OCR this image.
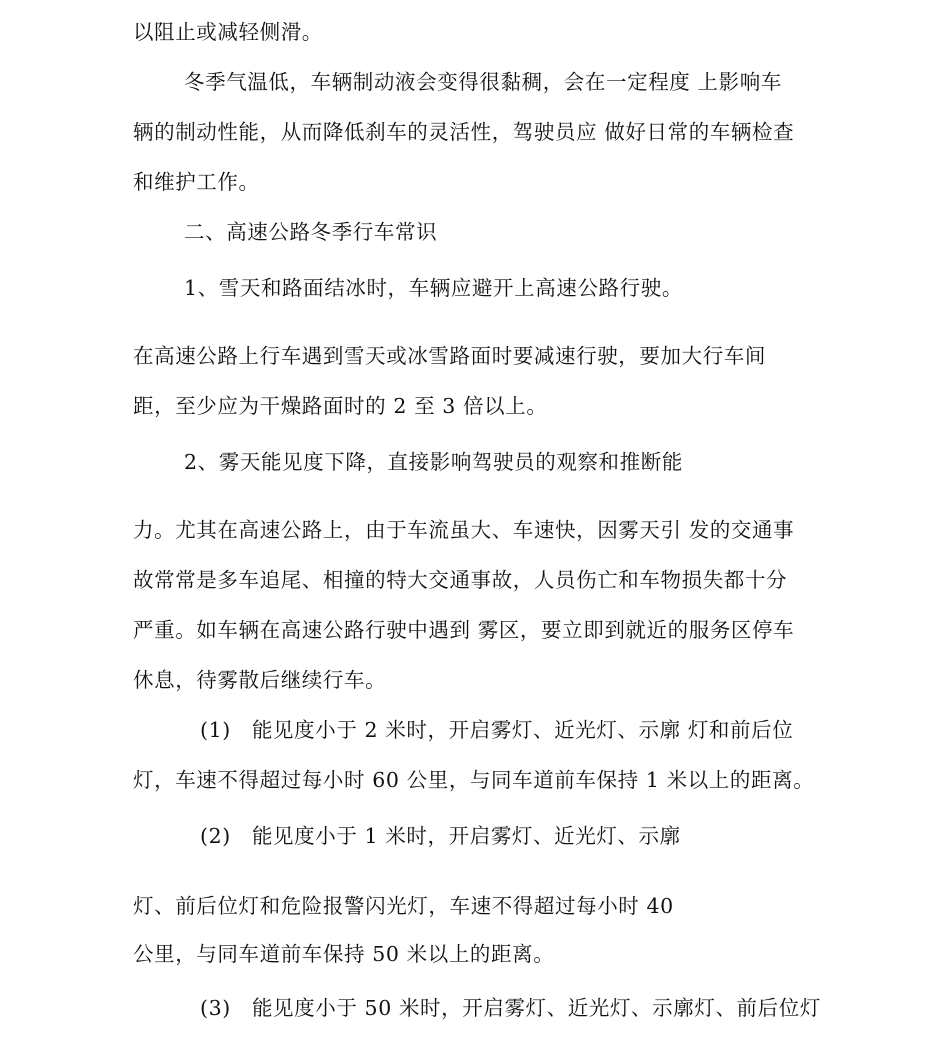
以阻止或减轻侧滑。
冬季气温低，车辆制动液会变得很黏稠，会在一定程度 上影响车
辆的制动性能，从而降低刹车的灵活性，驾驶员应 做好日常的车辆检查
和维护工作。
二、高速公路冬季行车常识
1、雪天和路面结冰时，车辆应避开上高速公路行驶。
在高速公路上行车遇到雪天或冰雪路面时要减速行驶，要加大行车间
距，至少应为干燥路面时的 2 至 3 倍以上。
2、雾天能见度下降，直接影响驾驶员的观察和推断能
力。尤其在高速公路上，由于车流虽大、车速快，因雾天引 发的交通事
故常常是多车追尾、相撞的特大交通事故，人员伤亡和车物损失都十分
严重。如车辆在高速公路行驶中遇到 雾区，要立即到就近的服务区停车
休息，待雾散后继续行车。
(1)　能见度小于 2 米时，开启雾灯、近光灯、示廓 灯和前后位
灯，车速不得超过每小时 60 公里，与同车道前车保持 1 米以上的距离。
(2)　能见度小于 1 米时，开启雾灯、近光灯、示廓
灯、前后位灯和危险报警闪光灯，车速不得超过每小时 40
公里，与同车道前车保持 50 米以上的距离。
(3)　能见度小于 50 米时，开启雾灯、近光灯、示廓灯、前后位灯
